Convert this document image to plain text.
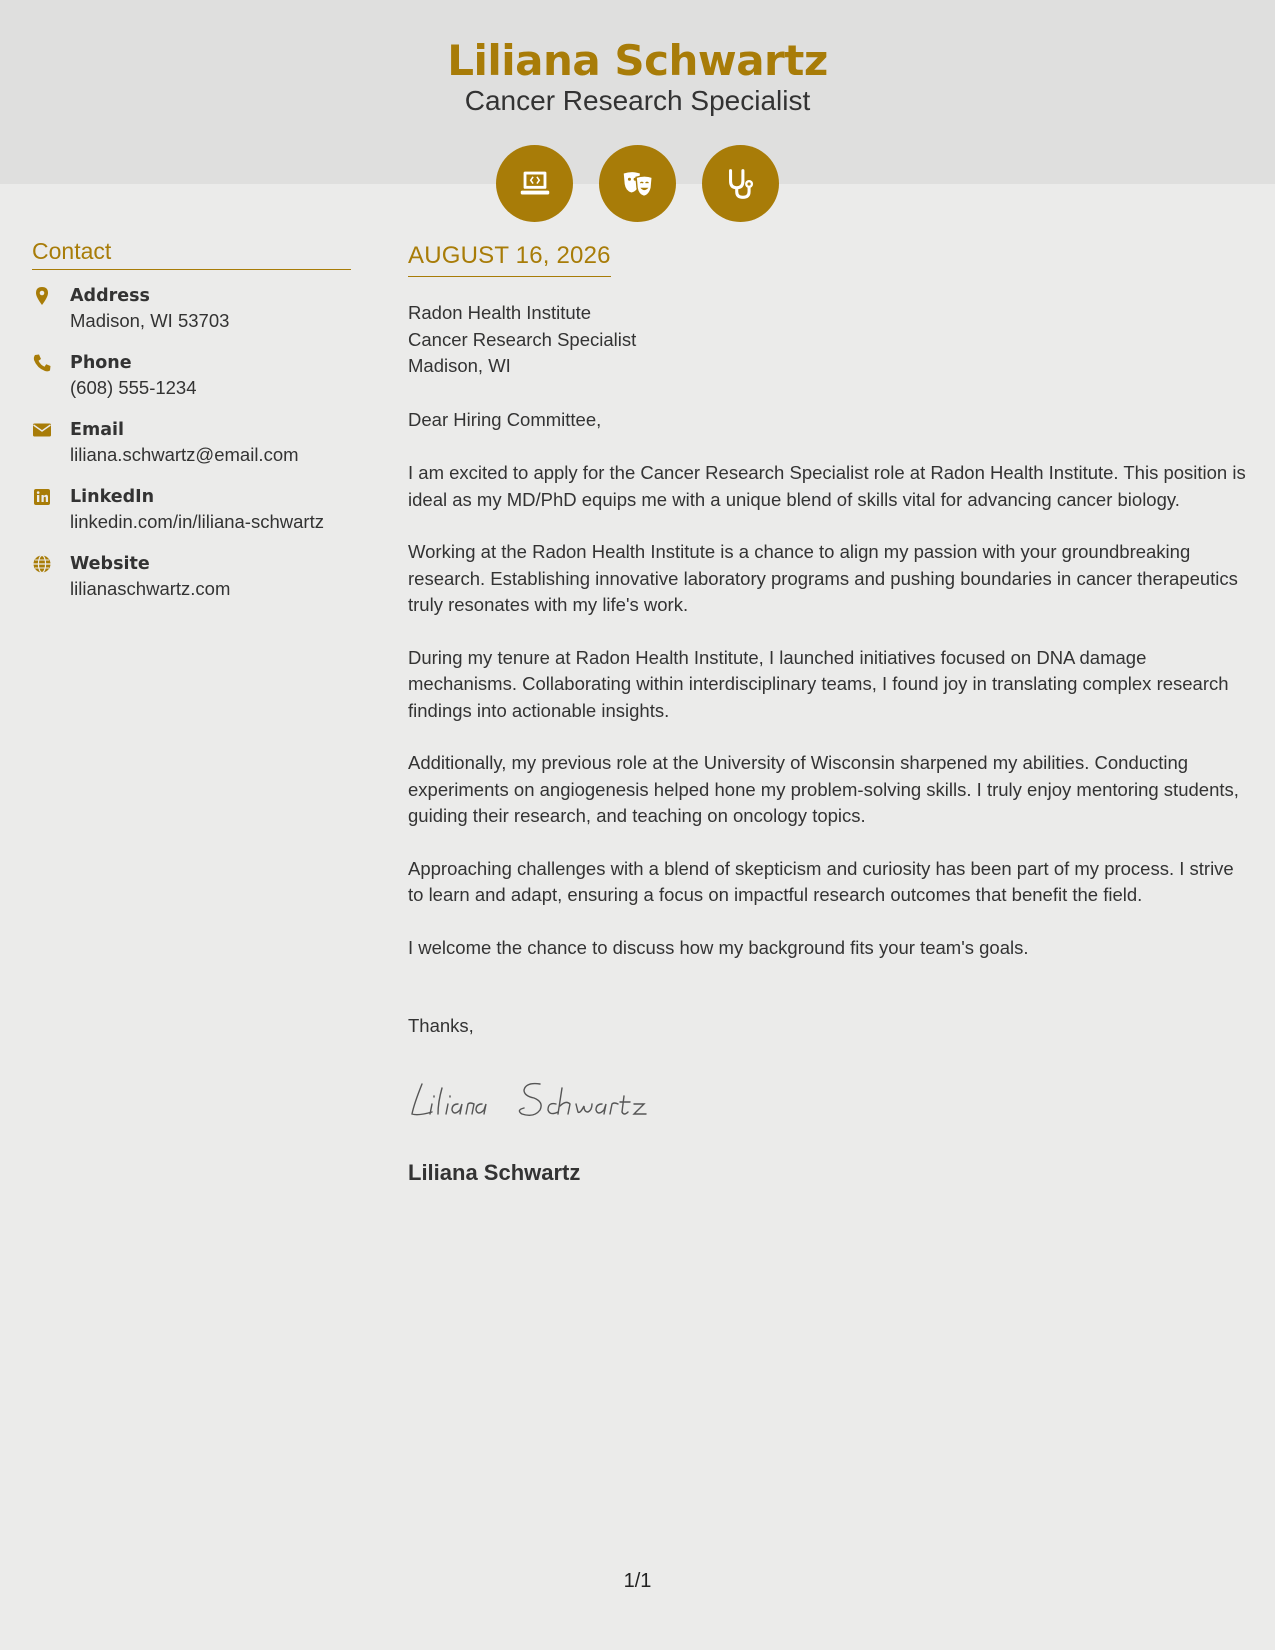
Liliana Schwartz
Cancer Research Specialist
Contact
Address
Madison, WI 53703
Phone
(608) 555-1234
Email
liliana.schwartz@email.com
LinkedIn
linkedin.com/in/liliana-schwartz
Website
lilianaschwartz.com
AUGUST 16, 2026
Radon Health Institute
Cancer Research Specialist
Madison, WI
Dear Hiring Committee,

I am excited to apply for the Cancer Research Specialist role at Radon Health Institute. This position is ideal as my MD/PhD equips me with a unique blend of skills vital for advancing cancer biology.

Working at the Radon Health Institute is a chance to align my passion with your groundbreaking research. Establishing innovative laboratory programs and pushing boundaries in cancer therapeutics truly resonates with my life's work.

During my tenure at Radon Health Institute, I launched initiatives focused on DNA damage mechanisms. Collaborating within interdisciplinary teams, I found joy in translating complex research findings into actionable insights.

Additionally, my previous role at the University of Wisconsin sharpened my abilities. Conducting experiments on angiogenesis helped hone my problem-solving skills. I truly enjoy mentoring students, guiding their research, and teaching on oncology topics.

Approaching challenges with a blend of skepticism and curiosity has been part of my process. I strive to learn and adapt, ensuring a focus on impactful research outcomes that benefit the field.

I welcome the chance to discuss how my background fits your team's goals.

Thanks,
Liliana Schwartz
1/1
